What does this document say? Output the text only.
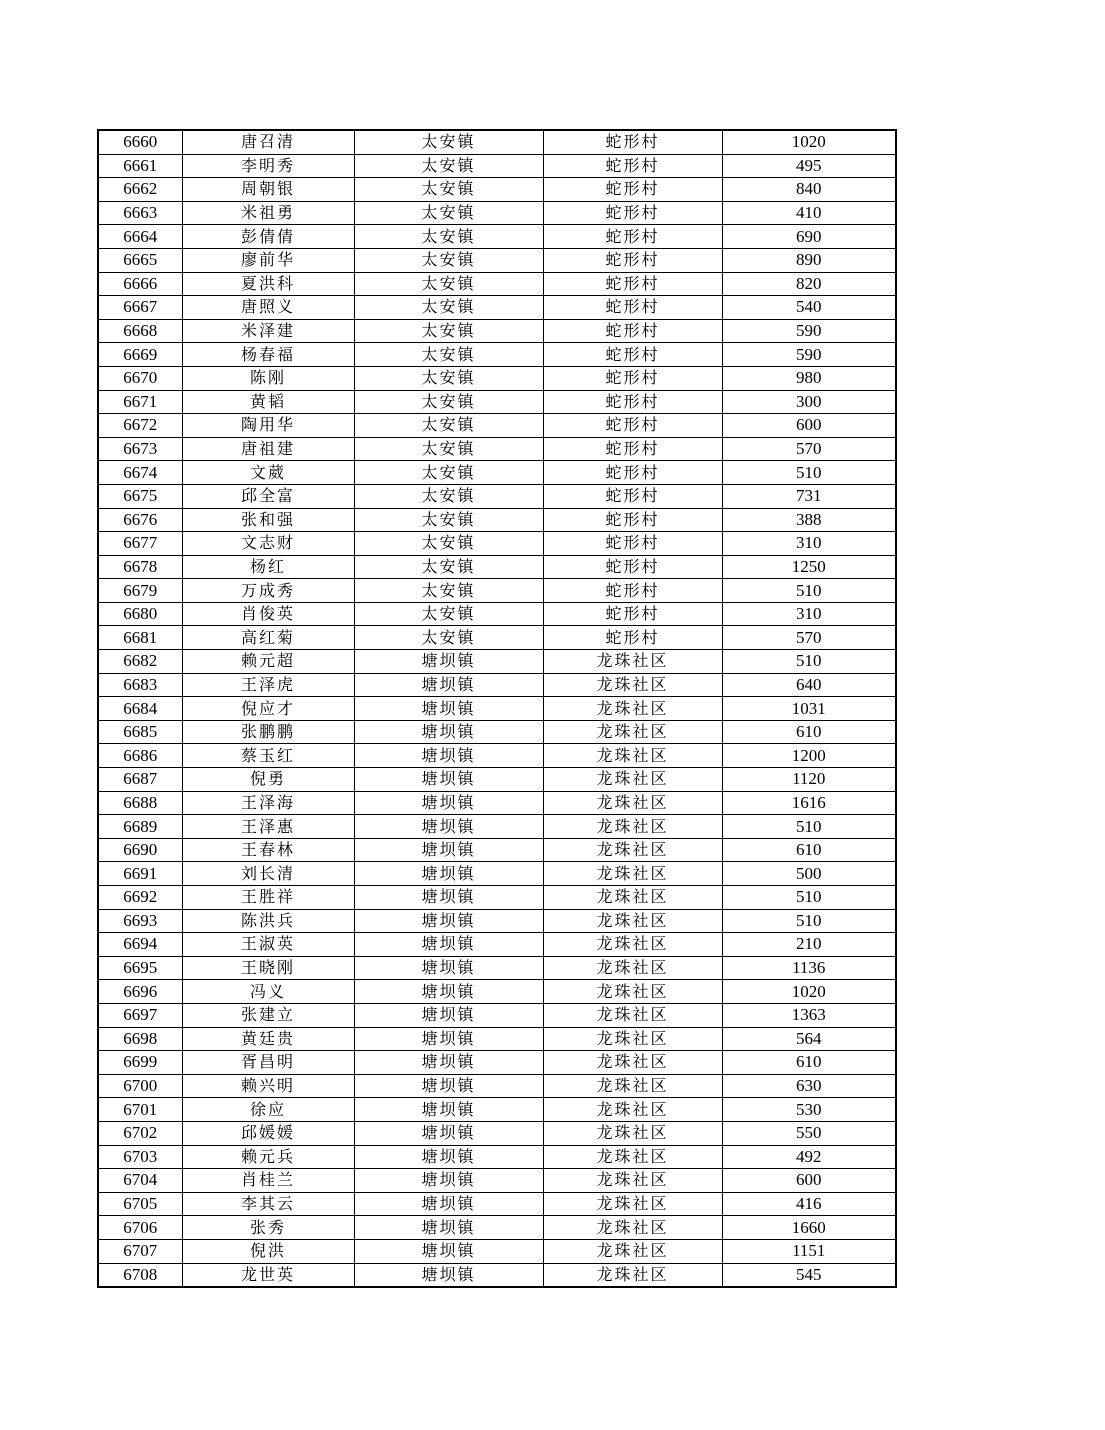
6660	唐召清	太安镇	蛇形村	1020
6661	李明秀	太安镇	蛇形村	495
6662	周朝银	太安镇	蛇形村	840
6663	米祖勇	太安镇	蛇形村	410
6664	彭倩倩	太安镇	蛇形村	690
6665	廖前华	太安镇	蛇形村	890
6666	夏洪科	太安镇	蛇形村	820
6667	唐照义	太安镇	蛇形村	540
6668	米泽建	太安镇	蛇形村	590
6669	杨春福	太安镇	蛇形村	590
6670	陈刚	太安镇	蛇形村	980
6671	黄韬	太安镇	蛇形村	300
6672	陶用华	太安镇	蛇形村	600
6673	唐祖建	太安镇	蛇形村	570
6674	文葳	太安镇	蛇形村	510
6675	邱全富	太安镇	蛇形村	731
6676	张和强	太安镇	蛇形村	388
6677	文志财	太安镇	蛇形村	310
6678	杨红	太安镇	蛇形村	1250
6679	万成秀	太安镇	蛇形村	510
6680	肖俊英	太安镇	蛇形村	310
6681	高红菊	太安镇	蛇形村	570
6682	赖元超	塘坝镇	龙珠社区	510
6683	王泽虎	塘坝镇	龙珠社区	640
6684	倪应才	塘坝镇	龙珠社区	1031
6685	张鹏鹏	塘坝镇	龙珠社区	610
6686	蔡玉红	塘坝镇	龙珠社区	1200
6687	倪勇	塘坝镇	龙珠社区	1120
6688	王泽海	塘坝镇	龙珠社区	1616
6689	王泽惠	塘坝镇	龙珠社区	510
6690	王春林	塘坝镇	龙珠社区	610
6691	刘长清	塘坝镇	龙珠社区	500
6692	王胜祥	塘坝镇	龙珠社区	510
6693	陈洪兵	塘坝镇	龙珠社区	510
6694	王淑英	塘坝镇	龙珠社区	210
6695	王晓刚	塘坝镇	龙珠社区	1136
6696	冯义	塘坝镇	龙珠社区	1020
6697	张建立	塘坝镇	龙珠社区	1363
6698	黄廷贵	塘坝镇	龙珠社区	564
6699	胥昌明	塘坝镇	龙珠社区	610
6700	赖兴明	塘坝镇	龙珠社区	630
6701	徐应	塘坝镇	龙珠社区	530
6702	邱媛媛	塘坝镇	龙珠社区	550
6703	赖元兵	塘坝镇	龙珠社区	492
6704	肖桂兰	塘坝镇	龙珠社区	600
6705	李其云	塘坝镇	龙珠社区	416
6706	张秀	塘坝镇	龙珠社区	1660
6707	倪洪	塘坝镇	龙珠社区	1151
6708	龙世英	塘坝镇	龙珠社区	545
